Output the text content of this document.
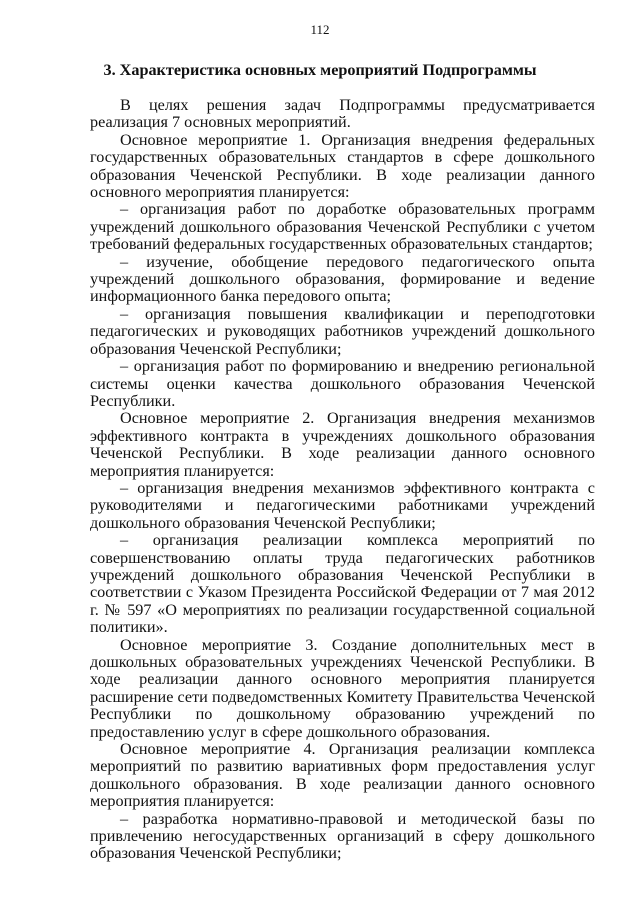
112
3. Характеристика основных мероприятий Подпрограммы

В целях решения задач Подпрограммы предусматривается реализация 7 основных мероприятий.

Основное мероприятие 1. Организация внедрения федеральных государственных образовательных стандартов в сфере дошкольного образования Чеченской Республики. В ходе реализации данного основного мероприятия планируется:

– организация работ по доработке образовательных программ учреждений дошкольного образования Чеченской Республики с учетом требований федеральных государственных образовательных стандартов;

– изучение, обобщение передового педагогического опыта учреждений дошкольного образования, формирование и ведение информационного банка передового опыта;

– организация повышения квалификации и переподготовки педагогических и руководящих работников учреждений дошкольного образования Чеченской Республики;

– организация работ по формированию и внедрению региональной системы оценки качества дошкольного образования Чеченской Республики.

Основное мероприятие 2. Организация внедрения механизмов эффективного контракта в учреждениях дошкольного образования Чеченской Республики. В ходе реализации данного основного мероприятия планируется:

– организация внедрения механизмов эффективного контракта с руководителями и педагогическими работниками учреждений дошкольного образования Чеченской Республики;

– организация реализации комплекса мероприятий по совершенствованию оплаты труда педагогических работников учреждений дошкольного образования Чеченской Республики в соответствии с Указом Президента Российской Федерации от 7 мая 2012 г. № 597 «О мероприятиях по реализации государственной социальной политики».

Основное мероприятие 3. Создание дополнительных мест в дошкольных образовательных учреждениях Чеченской Республики. В ходе реализации данного основного мероприятия планируется расширение сети подведомственных Комитету Правительства Чеченской Республики по дошкольному образованию учреждений по предоставлению услуг в сфере дошкольного образования.

Основное мероприятие 4. Организация реализации комплекса мероприятий по развитию вариативных форм предоставления услуг дошкольного образования. В ходе реализации данного основного мероприятия планируется:

– разработка нормативно-правовой и методической базы по привлечению негосударственных организаций в сферу дошкольного образования Чеченской Республики;
